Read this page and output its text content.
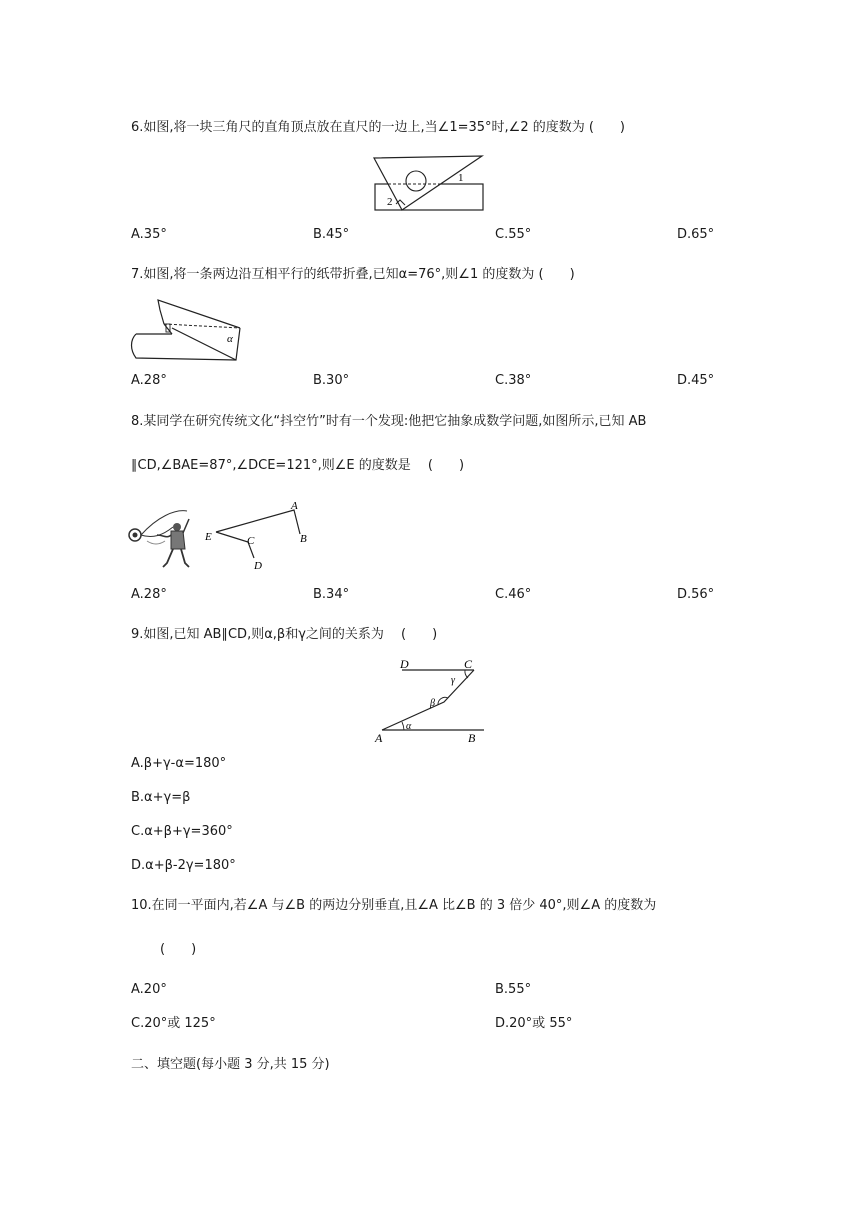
6.如图,将一块三角尺的直角顶点放在直尺的一边上,当∠1=35°时,∠2 的度数为 (　　)
1
2
A.35°	B.45°	C.55°	D.65°
7.如图,将一条两边沿互相平行的纸带折叠,已知α=76°,则∠1 的度数为 (　　)
1
α
A.28°	B.30°	C.38°	D.45°
8.某同学在研究传统文化“抖空竹”时有一个发现:他把它抽象成数学问题,如图所示,已知 AB
∥CD,∠BAE=87°,∠DCE=121°,则∠E 的度数是 　(　　)
A
B
C
D
E
A.28°	B.34°	C.46°	D.56°
9.如图,已知 AB∥CD,则α,β和γ之间的关系为 　(　　)
D	C
γ
β
α
A	B
A.β+γ-α=180°
B.α+γ=β
C.α+β+γ=360°
D.α+β-2γ=180°
10.在同一平面内,若∠A 与∠B 的两边分别垂直,且∠A 比∠B 的 3 倍少 40°,则∠A 的度数为
(　　)
A.20°	B.55°
C.20°或 125°	D.20°或 55°
二、填空题(每小题 3 分,共 15 分)
